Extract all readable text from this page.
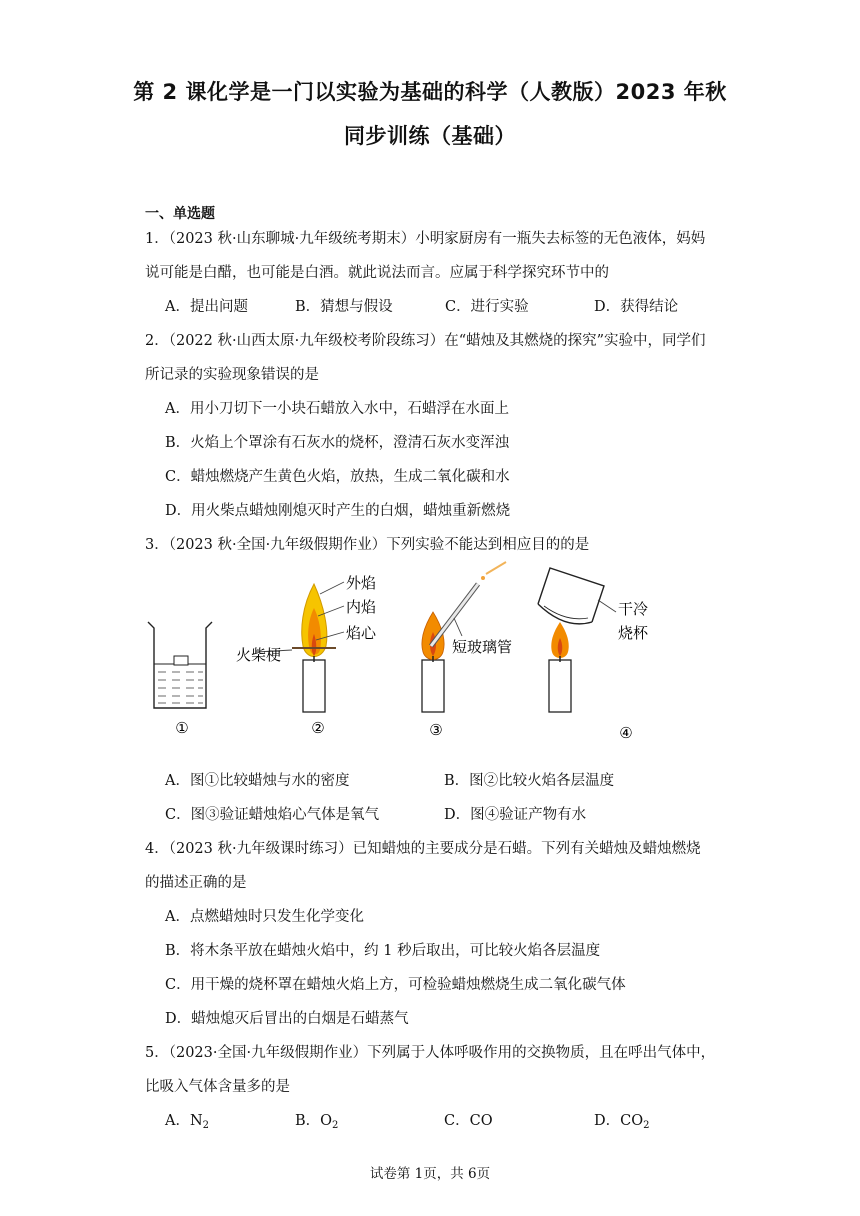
第 2 课化学是一门以实验为基础的科学（人教版）2023 年秋
同步训练（基础）
一、单选题
1．（2023 秋·山东聊城·九年级统考期末）小明家厨房有一瓶失去标签的无色液体，妈妈
说可能是白醋，也可能是白酒。就此说法而言。应属于科学探究环节中的
A．提出问题	B．猜想与假设	C．进行实验	D．获得结论
2．（2022 秋·山西太原·九年级校考阶段练习）在“蜡烛及其燃烧的探究”实验中，同学们
所记录的实验现象错误的是
A．用小刀切下一小块石蜡放入水中，石蜡浮在水面上
B．火焰上个罩涂有石灰水的烧杯，澄清石灰水变浑浊
C．蜡烛燃烧产生黄色火焰，放热，生成二氧化碳和水
D．用火柴点蜡烛刚熄灭时产生的白烟，蜡烛重新燃烧
3．（2023 秋·全国·九年级假期作业）下列实验不能达到相应目的的是
①
外焰
内焰
焰心
火柴梗
②
短玻璃管
③
干冷
烧杯
④
A．图①比较蜡烛与水的密度	B．图②比较火焰各层温度
C．图③验证蜡烛焰心气体是氧气	D．图④验证产物有水
4．（2023 秋·九年级课时练习）已知蜡烛的主要成分是石蜡。下列有关蜡烛及蜡烛燃烧
的描述正确的是
A．点燃蜡烛时只发生化学变化
B．将木条平放在蜡烛火焰中，约 1 秒后取出，可比较火焰各层温度
C．用干燥的烧杯罩在蜡烛火焰上方，可检验蜡烛燃烧生成二氧化碳气体
D．蜡烛熄灭后冒出的白烟是石蜡蒸气
5．（2023·全国·九年级假期作业）下列属于人体呼吸作用的交换物质，且在呼出气体中，
比吸入气体含量多的是
A．$N_2$	B．$O_2$	C．CO	D．$CO_2$
试卷第 1页，共 6页
